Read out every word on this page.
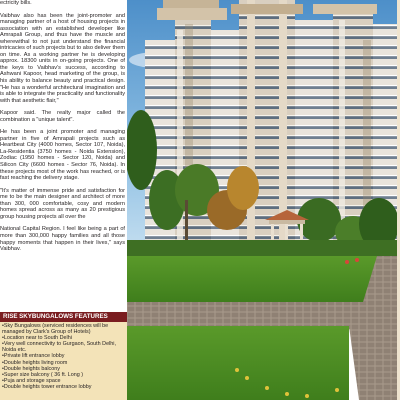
ectricity bills.

Vaibhav also has been the joint-promoter and managing partner of a host of housing projects in association with an established developer like Amrapali Group, and thus have the muscle and wherewithal to not just understand the financial intricacies of such projects but to also deliver them on time. As a working partner he is developing approx. 18300 units in on-going projects. One of the keys to Vaibhav's success, according to Ashwani Kapoor, head marketing of the group, is his ability to balance beauty and practical design. "He has a wonderful architectural imagination and is able to integrate the practicality and functionality with that aesthetic flair,"

Kapoor said. The realty major called the combination a "unique talent".

He has been a joint promoter and managing partner in five of Amrapali projects such as Heartbeat City (4000 homes, Sector 107, Noida), La-Residentia (3750 homes - Noida Extension), Zodiac (1950 homes - Sector 120, Noida) and Silicon City (6600 homes - Sector 76, Noida). In these projects most of the work has reached, or is fast reaching the delivery stage.

"It's matter of immense pride and satisfaction for me to be the main designer and architect of more than 300, 000 comfortable, cosy and modern homes spread across as many as 20 prestigious group housing projects all over the

National Capital Region. I feel like being a part of more than 300,000 happy families and all those happy moments that happen in their lives," says Vaibhav.

RISE SKYBUNGALOWS FEATURES
• Sky Bungalows (serviced residences will be managed by Clark's Group of Hotels)
• Location near to South Delhi
• Very well connectivity to Gurgaon, South Delhi, Noida etc.
• Private lift entrance lobby
• Double heights living room
• Double heights balcony
• Super size balcony ( 36 ft. Long )
• Puja and storage space
• Double heights tower entrance lobby
